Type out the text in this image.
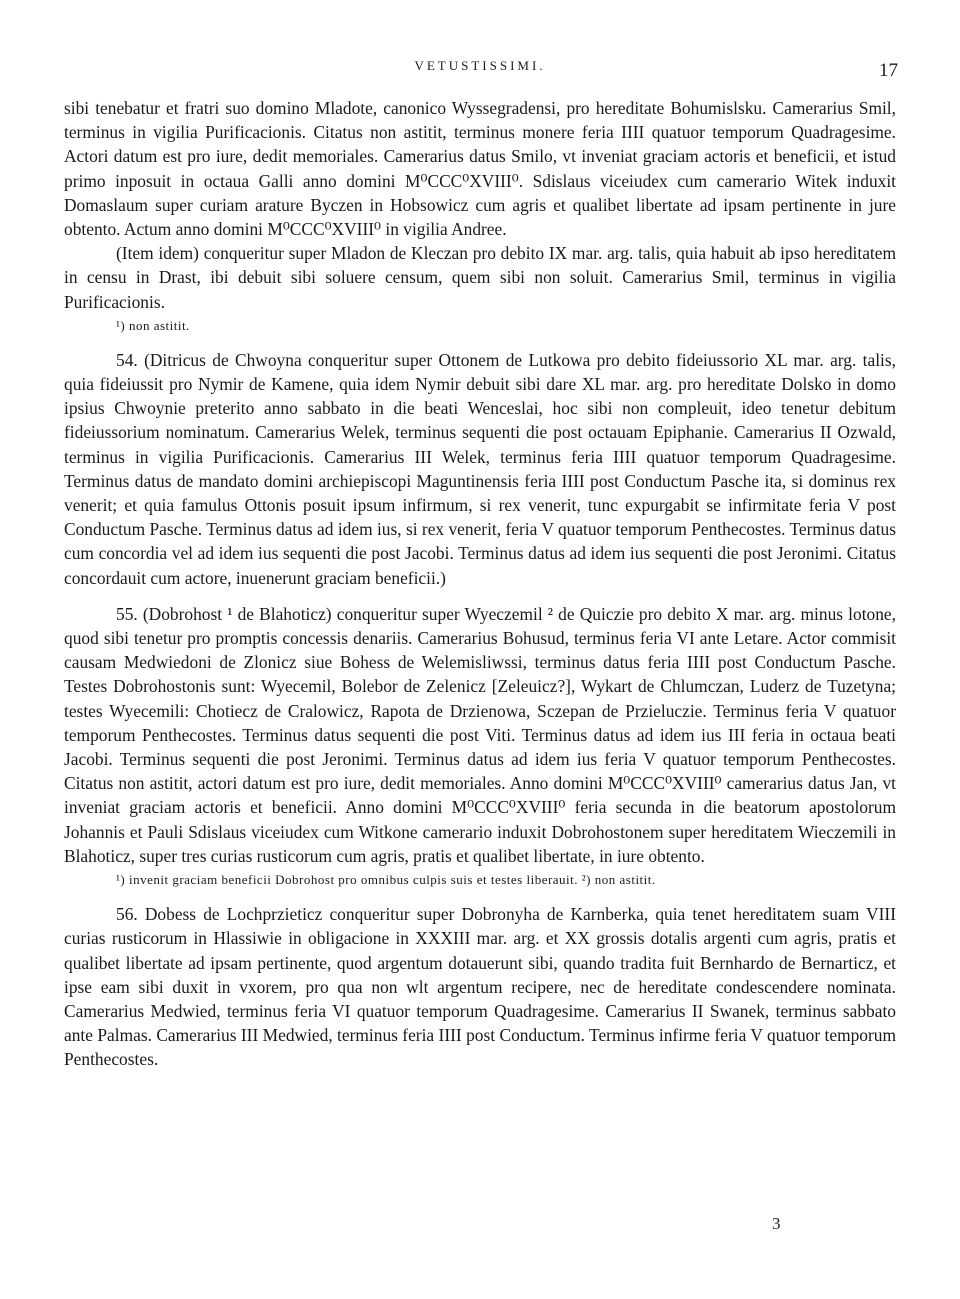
VETUSTISSIMI.	17

sibi tenebatur et fratri suo domino Mladote, canonico Wyssegradensi, pro hereditate Bohumislsku. Camerarius Smil, terminus in vigilia Purificacionis. Citatus non astitit, terminus monere feria IIII quatuor temporum Quadragesime. Actori datum est pro iure, dedit memoriales. Camerarius datus Smilo, vt inveniat graciam actoris et beneficii, et istud primo inposuit in octaua Galli anno domini M⁰CCC⁰XVIII⁰. Sdislaus viceiudex cum camerario Witek induxit Domaslaum super curiam arature Byczen in Hobsowicz cum agris et qualibet libertate ad ipsam pertinente in jure obtento. Actum anno domini M⁰CCC⁰XVIII⁰ in vigilia Andree.

(Item idem) conqueritur super Mladon de Kleczan pro debito IX mar. arg. talis, quia habuit ab ipso hereditatem in censu in Drast, ibi debuit sibi soluere censum, quem sibi non soluit. Camerarius Smil, terminus in vigilia Purificacionis.

¹) non astitit.

54. (Ditricus de Chwoyna conqueritur super Ottonem de Lutkowa pro debito fideiussorio XL mar. arg. talis, quia fideiussit pro Nymir de Kamene, quia idem Nymir debuit sibi dare XL mar. arg. pro hereditate Dolsko in domo ipsius Chwoynie preterito anno sabbato in die beati Wenceslai, hoc sibi non compleuit, ideo tenetur debitum fideiussorium nominatum. Camerarius Welek, terminus sequenti die post octauam Epiphanie. Camerarius II Ozwald, terminus in vigilia Purificacionis. Camerarius III Welek, terminus feria IIII quatuor temporum Quadragesime. Terminus datus de mandato domini archiepiscopi Maguntinensis feria IIII post Conductum Pasche ita, si dominus rex venerit; et quia famulus Ottonis posuit ipsum infirmum, si rex venerit, tunc expurgabit se infirmitate feria V post Conductum Pasche. Terminus datus ad idem ius, si rex venerit, feria V quatuor temporum Penthecostes. Terminus datus cum concordia vel ad idem ius sequenti die post Jacobi. Terminus datus ad idem ius sequenti die post Jeronimi. Citatus concordauit cum actore, inuenerunt graciam beneficii.)

55. (Dobrohost ¹ de Blahoticz) conqueritur super Wyeczemil ² de Quiczie pro debito X mar. arg. minus lotone, quod sibi tenetur pro promptis concessis denariis. Camerarius Bohusud, terminus feria VI ante Letare. Actor commisit causam Medwiedoni de Zlonicz siue Bohess de Welemisliwssi, terminus datus feria IIII post Conductum Pasche. Testes Dobrohostonis sunt: Wyecemil, Bolebor de Zelenicz [Zeleuicz?], Wykart de Chlumczan, Luderz de Tuzetyna; testes Wyecemili: Chotiecz de Cralowicz, Rapota de Drzienowa, Sczepan de Przieluczie. Terminus feria V quatuor temporum Penthecostes. Terminus datus sequenti die post Viti. Terminus datus ad idem ius III feria in octaua beati Jacobi. Terminus sequenti die post Jeronimi. Terminus datus ad idem ius feria V quatuor temporum Penthecostes. Citatus non astitit, actori datum est pro iure, dedit memoriales. Anno domini M⁰CCC⁰XVIII⁰ camerarius datus Jan, vt inveniat graciam actoris et beneficii. Anno domini M⁰CCC⁰XVIII⁰ feria secunda in die beatorum apostolorum Johannis et Pauli Sdislaus viceiudex cum Witkone camerario induxit Dobrohostonem super hereditatem Wieczemili in Blahoticz, super tres curias rusticorum cum agris, pratis et qualibet libertate, in iure obtento.

¹) invenit graciam beneficii Dobrohost pro omnibus culpis suis et testes liberauit. ²) non astitit.

56. Dobess de Lochprzieticz conqueritur super Dobronyha de Karnberka, quia tenet hereditatem suam VIII curias rusticorum in Hlassiwie in obligacione in XXXIII mar. arg. et XX grossis dotalis argenti cum agris, pratis et qualibet libertate ad ipsam pertinente, quod argentum dotauerunt sibi, quando tradita fuit Bernhardo de Bernarticz, et ipse eam sibi duxit in vxorem, pro qua non wlt argentum recipere, nec de hereditate condescendere nominata. Camerarius Medwied, terminus feria VI quatuor temporum Quadragesime. Camerarius II Swanek, terminus sabbato ante Palmas. Camerarius III Medwied, terminus feria IIII post Conductum. Terminus infirme feria V quatuor temporum Penthecostes.

3
